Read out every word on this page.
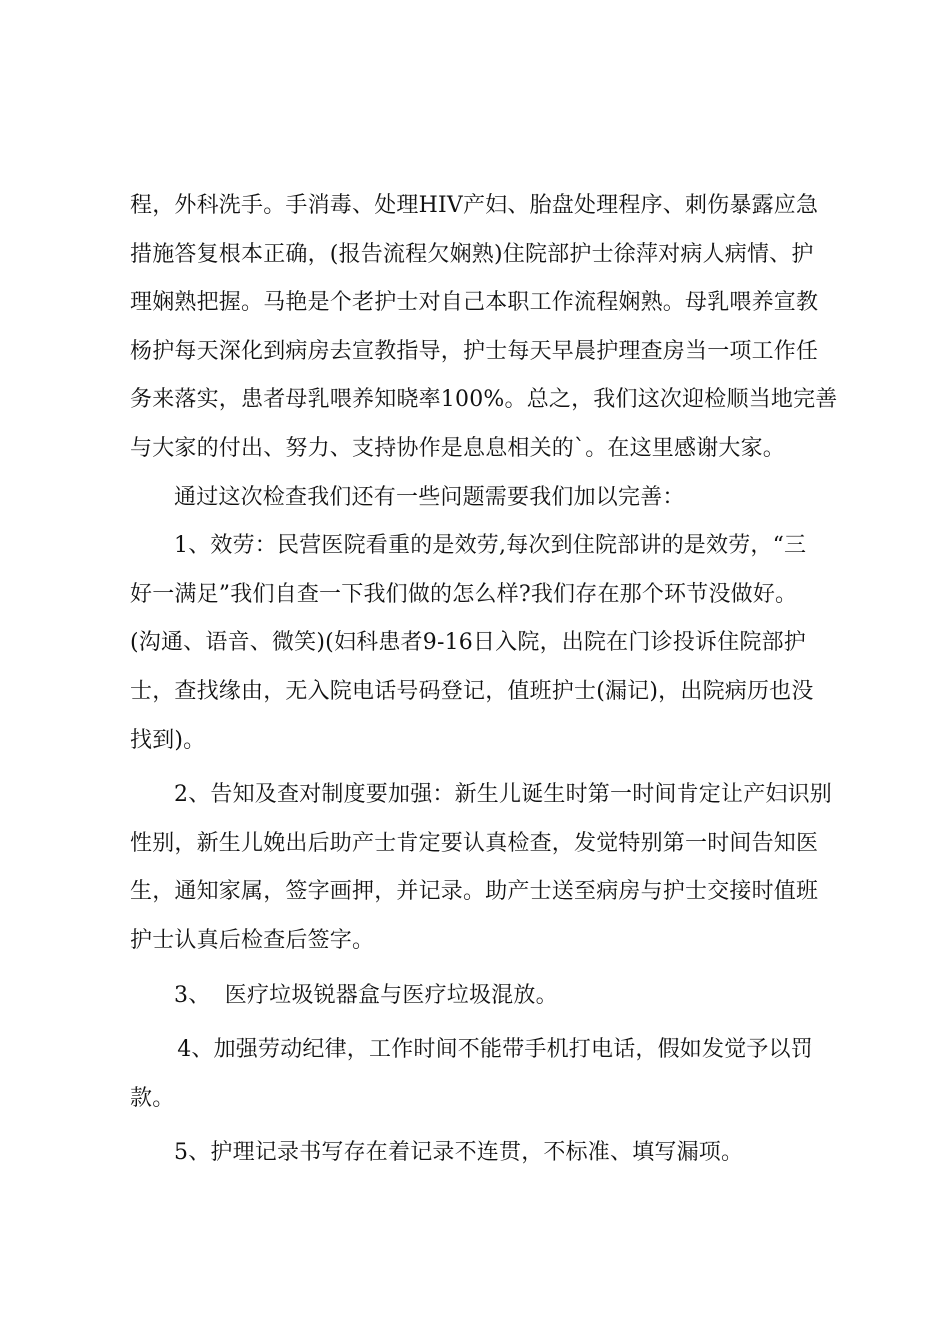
程，外科洗手。手消毒、处理HIV产妇、胎盘处理程序、刺伤暴露应急
措施答复根本正确，(报告流程欠娴熟)住院部护士徐萍对病人病情、护
理娴熟把握。马艳是个老护士对自己本职工作流程娴熟。母乳喂养宣教
杨护每天深化到病房去宣教指导，护士每天早晨护理查房当一项工作任
务来落实，患者母乳喂养知晓率100%。总之，我们这次迎检顺当地完善
与大家的付出、努力、支持协作是息息相关的`。在这里感谢大家。
通过这次检查我们还有一些问题需要我们加以完善：
1、效劳：民营医院看重的是效劳,每次到住院部讲的是效劳，“三
好一满足”我们自查一下我们做的怎么样?我们存在那个环节没做好。
(沟通、语音、微笑)(妇科患者9-16日入院，出院在门诊投诉住院部护
士，查找缘由，无入院电话号码登记，值班护士(漏记)，出院病历也没
找到)。
2、告知及查对制度要加强：新生儿诞生时第一时间肯定让产妇识别
性别，新生儿娩出后助产士肯定要认真检查，发觉特别第一时间告知医
生，通知家属，签字画押，并记录。助产士送至病房与护士交接时值班
护士认真后检查后签字。
3、  医疗垃圾锐器盒与医疗垃圾混放。
4、加强劳动纪律，工作时间不能带手机打电话，假如发觉予以罚
款。
5、护理记录书写存在着记录不连贯，不标准、填写漏项。
